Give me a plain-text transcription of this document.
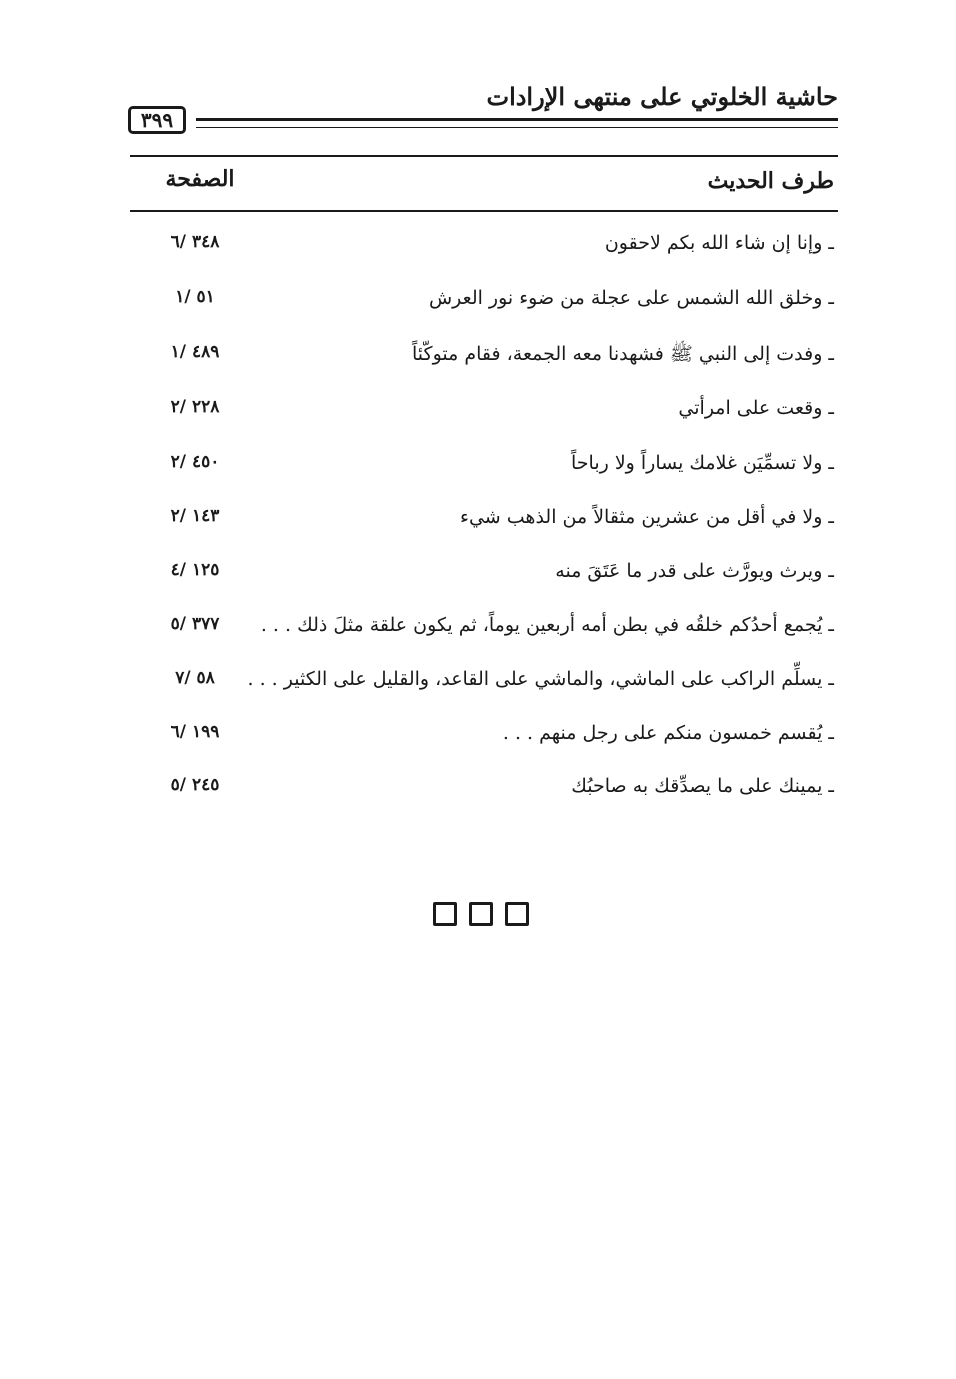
حاشية الخلوتي على منتهى الإرادات
٣٩٩
طرف الحديث
الصفحة
ـ وإنا إن شاء الله بكم لاحقون
٣٤٨ /٦
ـ وخلق الله الشمس على عجلة من ضوء نور العرش
٥١ /١
ـ وفدت إلى النبي ﷺ فشهدنا معه الجمعة، فقام متوكّئاً
٤٨٩ /١
ـ وقعت على امرأتي
٢٢٨ /٢
ـ ولا تسمِّيَن غلامك يساراً ولا رباحاً
٤٥٠ /٢
ـ ولا في أقل من عشرين مثقالاً من الذهب شيء
١٤٣ /٢
ـ ويرث ويورَّث على قدر ما عَتَقَ منه
١٢٥ /٤
ـ يُجمع أحدُكم خلقُه في بطن أمه أربعين يوماً، ثم يكون علقة مثلَ ذلك . . .
٣٧٧ /٥
ـ يسلِّم الراكب على الماشي، والماشي على القاعد، والقليل على الكثير . . .
٥٨ /٧
ـ يُقسم خمسون منكم على رجل منهم . . .
١٩٩ /٦
ـ يمينك على ما يصدِّقك به صاحبُك
٢٤٥ /٥
